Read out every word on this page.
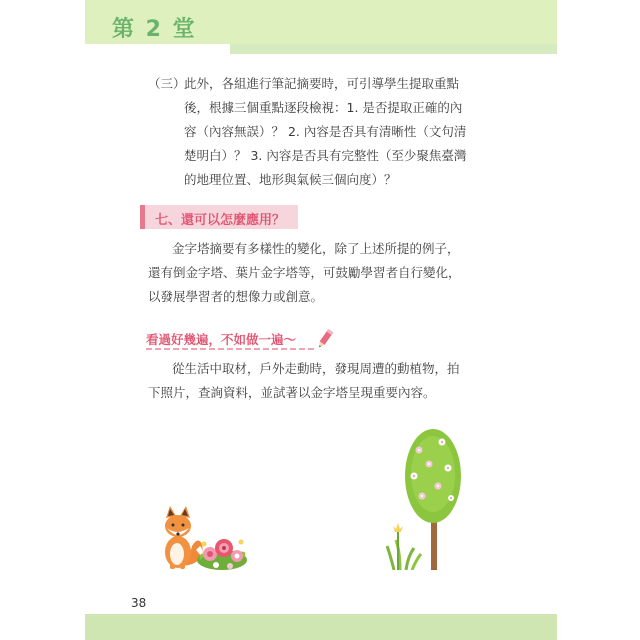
第 2 堂
（三）此外，各組進行筆記摘要時，可引導學生提取重點
後，根據三個重點逐段檢視：1. 是否提取正確的內
容（內容無誤）？ 2. 內容是否具有清晰性（文句清
楚明白）？ 3. 內容是否具有完整性（至少聚焦臺灣
的地理位置、地形與氣候三個向度）？
七、還可以怎麼應用？
金字塔摘要有多樣性的變化，除了上述所提的例子，
還有倒金字塔、葉片金字塔等，可鼓勵學習者自行變化，
以發展學習者的想像力或創意。
看過好幾遍，不如做一遍～
從生活中取材，戶外走動時，發現周遭的動植物，拍
下照片，查詢資料，並試著以金字塔呈現重要內容。
38
